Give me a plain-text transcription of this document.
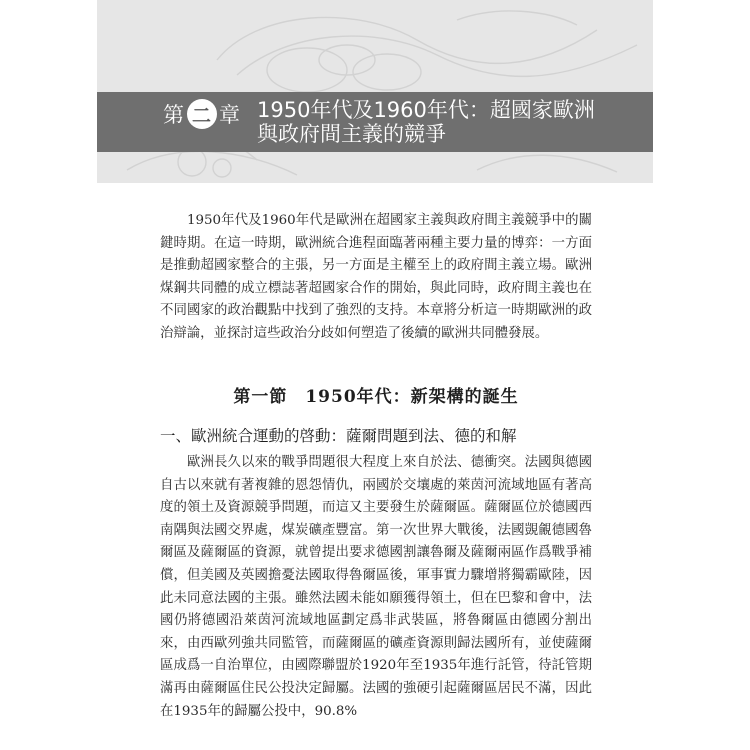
第 二 章 1950年代及1960年代：超國家歐洲與政府間主義的競爭

1950年代及1960年代是歐洲在超國家主義與政府間主義競爭中的關鍵時期。在這一時期，歐洲統合進程面臨著兩種主要力量的博弈：一方面是推動超國家整合的主張，另一方面是主權至上的政府間主義立場。歐洲煤鋼共同體的成立標誌著超國家合作的開始，與此同時，政府間主義也在不同國家的政治觀點中找到了強烈的支持。本章將分析這一時期歐洲的政治辯論，並探討這些政治分歧如何塑造了後續的歐洲共同體發展。

第一節　1950年代：新架構的誕生
一、歐洲統合運動的啓動：薩爾問題到法、德的和解

歐洲長久以來的戰爭問題很大程度上來自於法、德衝突。法國與德國自古以來就有著複雜的恩怨情仇，兩國於交壤處的萊茵河流域地區有著高度的領土及資源競爭問題，而這又主要發生於薩爾區。薩爾區位於德國西南隅與法國交界處，煤炭礦產豐富。第一次世界大戰後，法國覬覦德國魯爾區及薩爾區的資源，就曾提出要求德國割讓魯爾及薩爾兩區作爲戰爭補償，但美國及英國擔憂法國取得魯爾區後，軍事實力驟增將獨霸歐陸，因此未同意法國的主張。雖然法國未能如願獲得領土，但在巴黎和會中，法國仍將德國沿萊茵河流域地區劃定爲非武裝區，將魯爾區由德國分割出來，由西歐列強共同監管，而薩爾區的礦產資源則歸法國所有，並使薩爾區成爲一自治單位，由國際聯盟於1920年至1935年進行託管，待託管期滿再由薩爾區住民公投決定歸屬。法國的強硬引起薩爾區居民不滿，因此在1935年的歸屬公投中，90.8%
